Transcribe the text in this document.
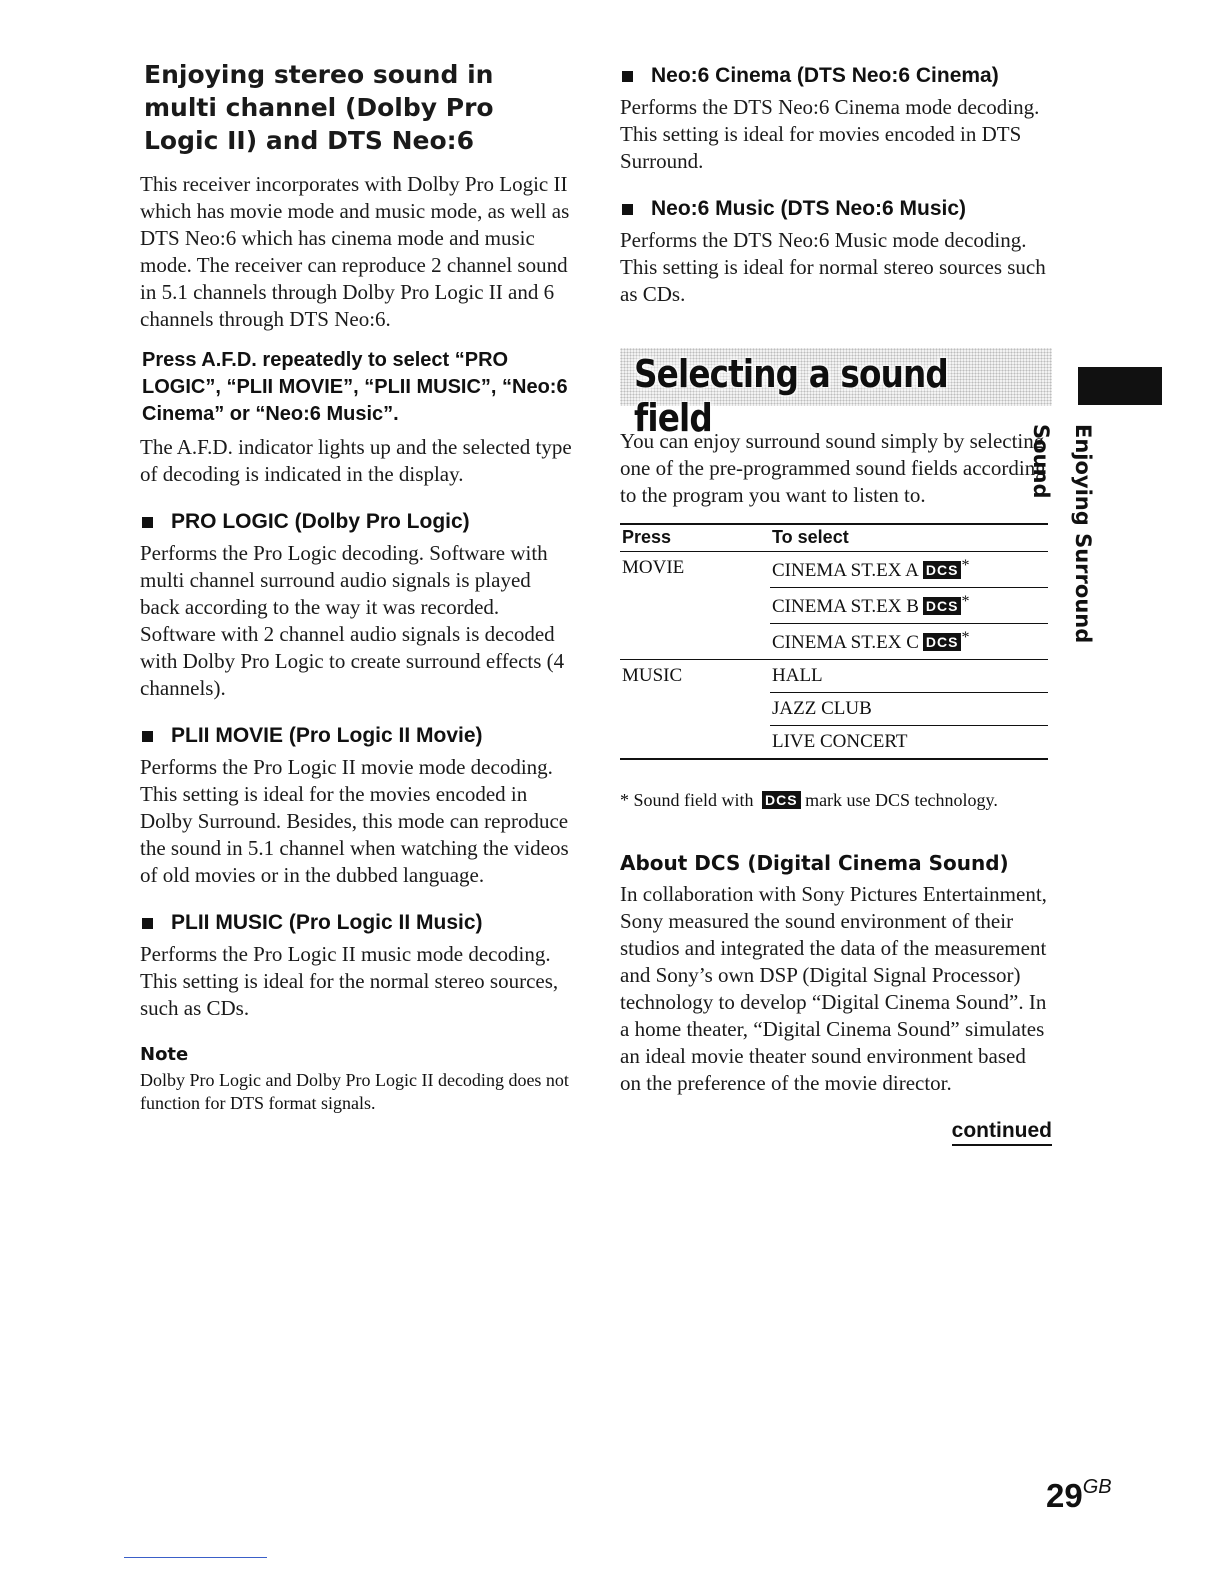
Enjoying stereo sound in multi channel (Dolby Pro Logic II) and DTS Neo:6

This receiver incorporates with Dolby Pro Logic II which has movie mode and music mode, as well as DTS Neo:6 which has cinema mode and music mode. The receiver can reproduce 2 channel sound in 5.1 channels through Dolby Pro Logic II and 6 channels through DTS Neo:6.

Press A.F.D. repeatedly to select “PRO LOGIC”, “PLII MOVIE”, “PLII MUSIC”, “Neo:6 Cinema” or “Neo:6 Music”.

The A.F.D. indicator lights up and the selected type of decoding is indicated in the display.

PRO LOGIC (Dolby Pro Logic)

Performs the Pro Logic decoding. Software with multi channel surround audio signals is played back according to the way it was recorded. Software with 2 channel audio signals is decoded with Dolby Pro Logic to create surround effects (4 channels).

PLII MOVIE (Pro Logic II Movie)

Performs the Pro Logic II movie mode decoding. This setting is ideal for the movies encoded in Dolby Surround. Besides, this mode can reproduce the sound in 5.1 channel when watching the videos of old movies or in the dubbed language.

PLII MUSIC (Pro Logic II Music)

Performs the Pro Logic II music mode decoding. This setting is ideal for the normal stereo sources, such as CDs.

Note

Dolby Pro Logic and Dolby Pro Logic II decoding does not function for DTS format signals.

Neo:6 Cinema (DTS Neo:6 Cinema)

Performs the DTS Neo:6 Cinema mode decoding. This setting is ideal for movies encoded in DTS Surround.

Neo:6 Music (DTS Neo:6 Music)

Performs the DTS Neo:6 Music mode decoding. This setting is ideal for normal stereo sources such as CDs.

Selecting a sound field

You can enjoy surround sound simply by selecting one of the pre-programmed sound fields according to the program you want to listen to.

Press	To select
MOVIE	CINEMA ST.EX A DCS *
	CINEMA ST.EX B DCS *
	CINEMA ST.EX C DCS *
MUSIC	HALL
	JAZZ CLUB
	LIVE CONCERT

* Sound field with DCS mark use DCS technology.

About DCS (Digital Cinema Sound)

In collaboration with Sony Pictures Entertainment, Sony measured the sound environment of their studios and integrated the data of the measurement and Sony’s own DSP (Digital Signal Processor) technology to develop “Digital Cinema Sound”. In a home theater, “Digital Cinema Sound” simulates an ideal movie theater sound environment based on the preference of the movie director.

continued
Enjoying Surround Sound
$29^{GB}$
